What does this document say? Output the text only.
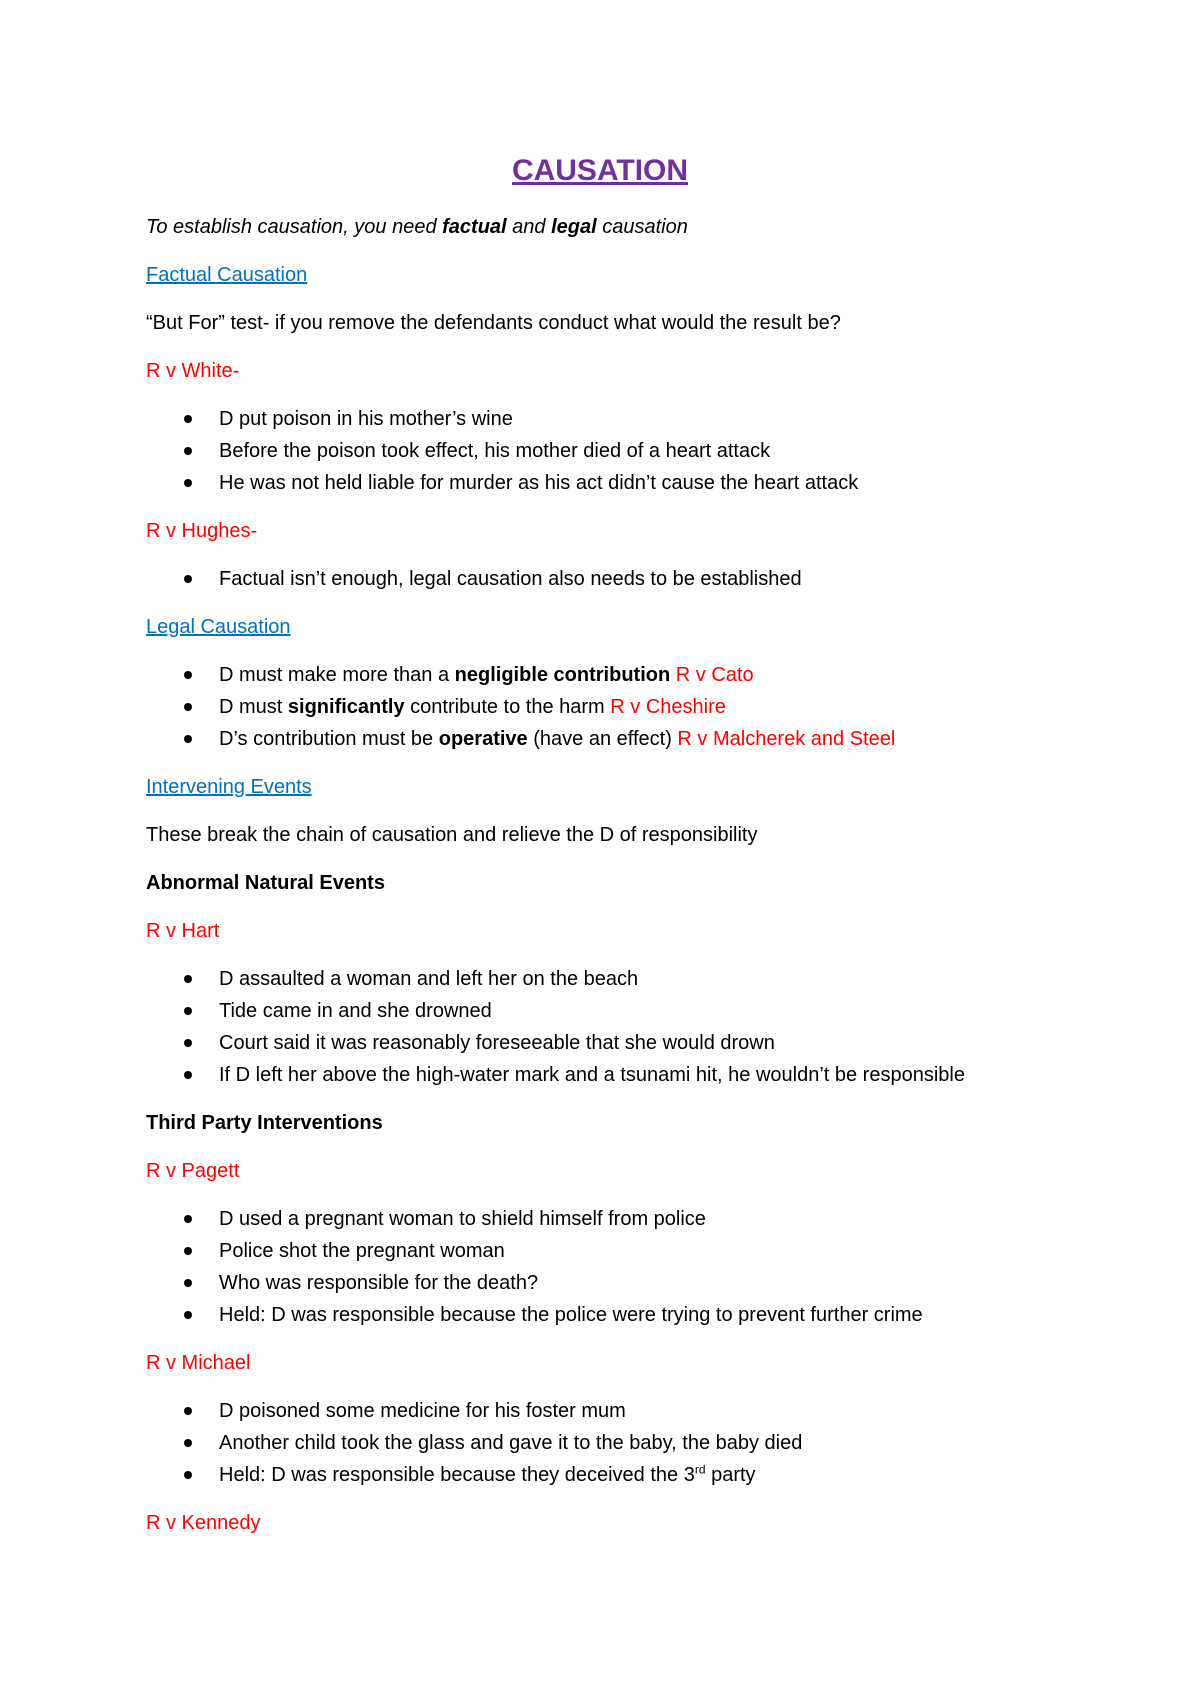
CAUSATION
To establish causation, you need factual and legal causation
Factual Causation
“But For” test- if you remove the defendants conduct what would the result be?
R v White-
D put poison in his mother’s wine
Before the poison took effect, his mother died of a heart attack
He was not held liable for murder as his act didn’t cause the heart attack
R v Hughes-
Factual isn’t enough, legal causation also needs to be established
Legal Causation
D must make more than a negligible contribution R v Cato
D must significantly contribute to the harm R v Cheshire
D’s contribution must be operative (have an effect) R v Malcherek and Steel
Intervening Events
These break the chain of causation and relieve the D of responsibility
Abnormal Natural Events
R v Hart
D assaulted a woman and left her on the beach
Tide came in and she drowned
Court said it was reasonably foreseeable that she would drown
If D left her above the high-water mark and a tsunami hit, he wouldn’t be responsible
Third Party Interventions
R v Pagett
D used a pregnant woman to shield himself from police
Police shot the pregnant woman
Who was responsible for the death?
Held: D was responsible because the police were trying to prevent further crime
R v Michael
D poisoned some medicine for his foster mum
Another child took the glass and gave it to the baby, the baby died
Held: D was responsible because they deceived the 3rd party
R v Kennedy
